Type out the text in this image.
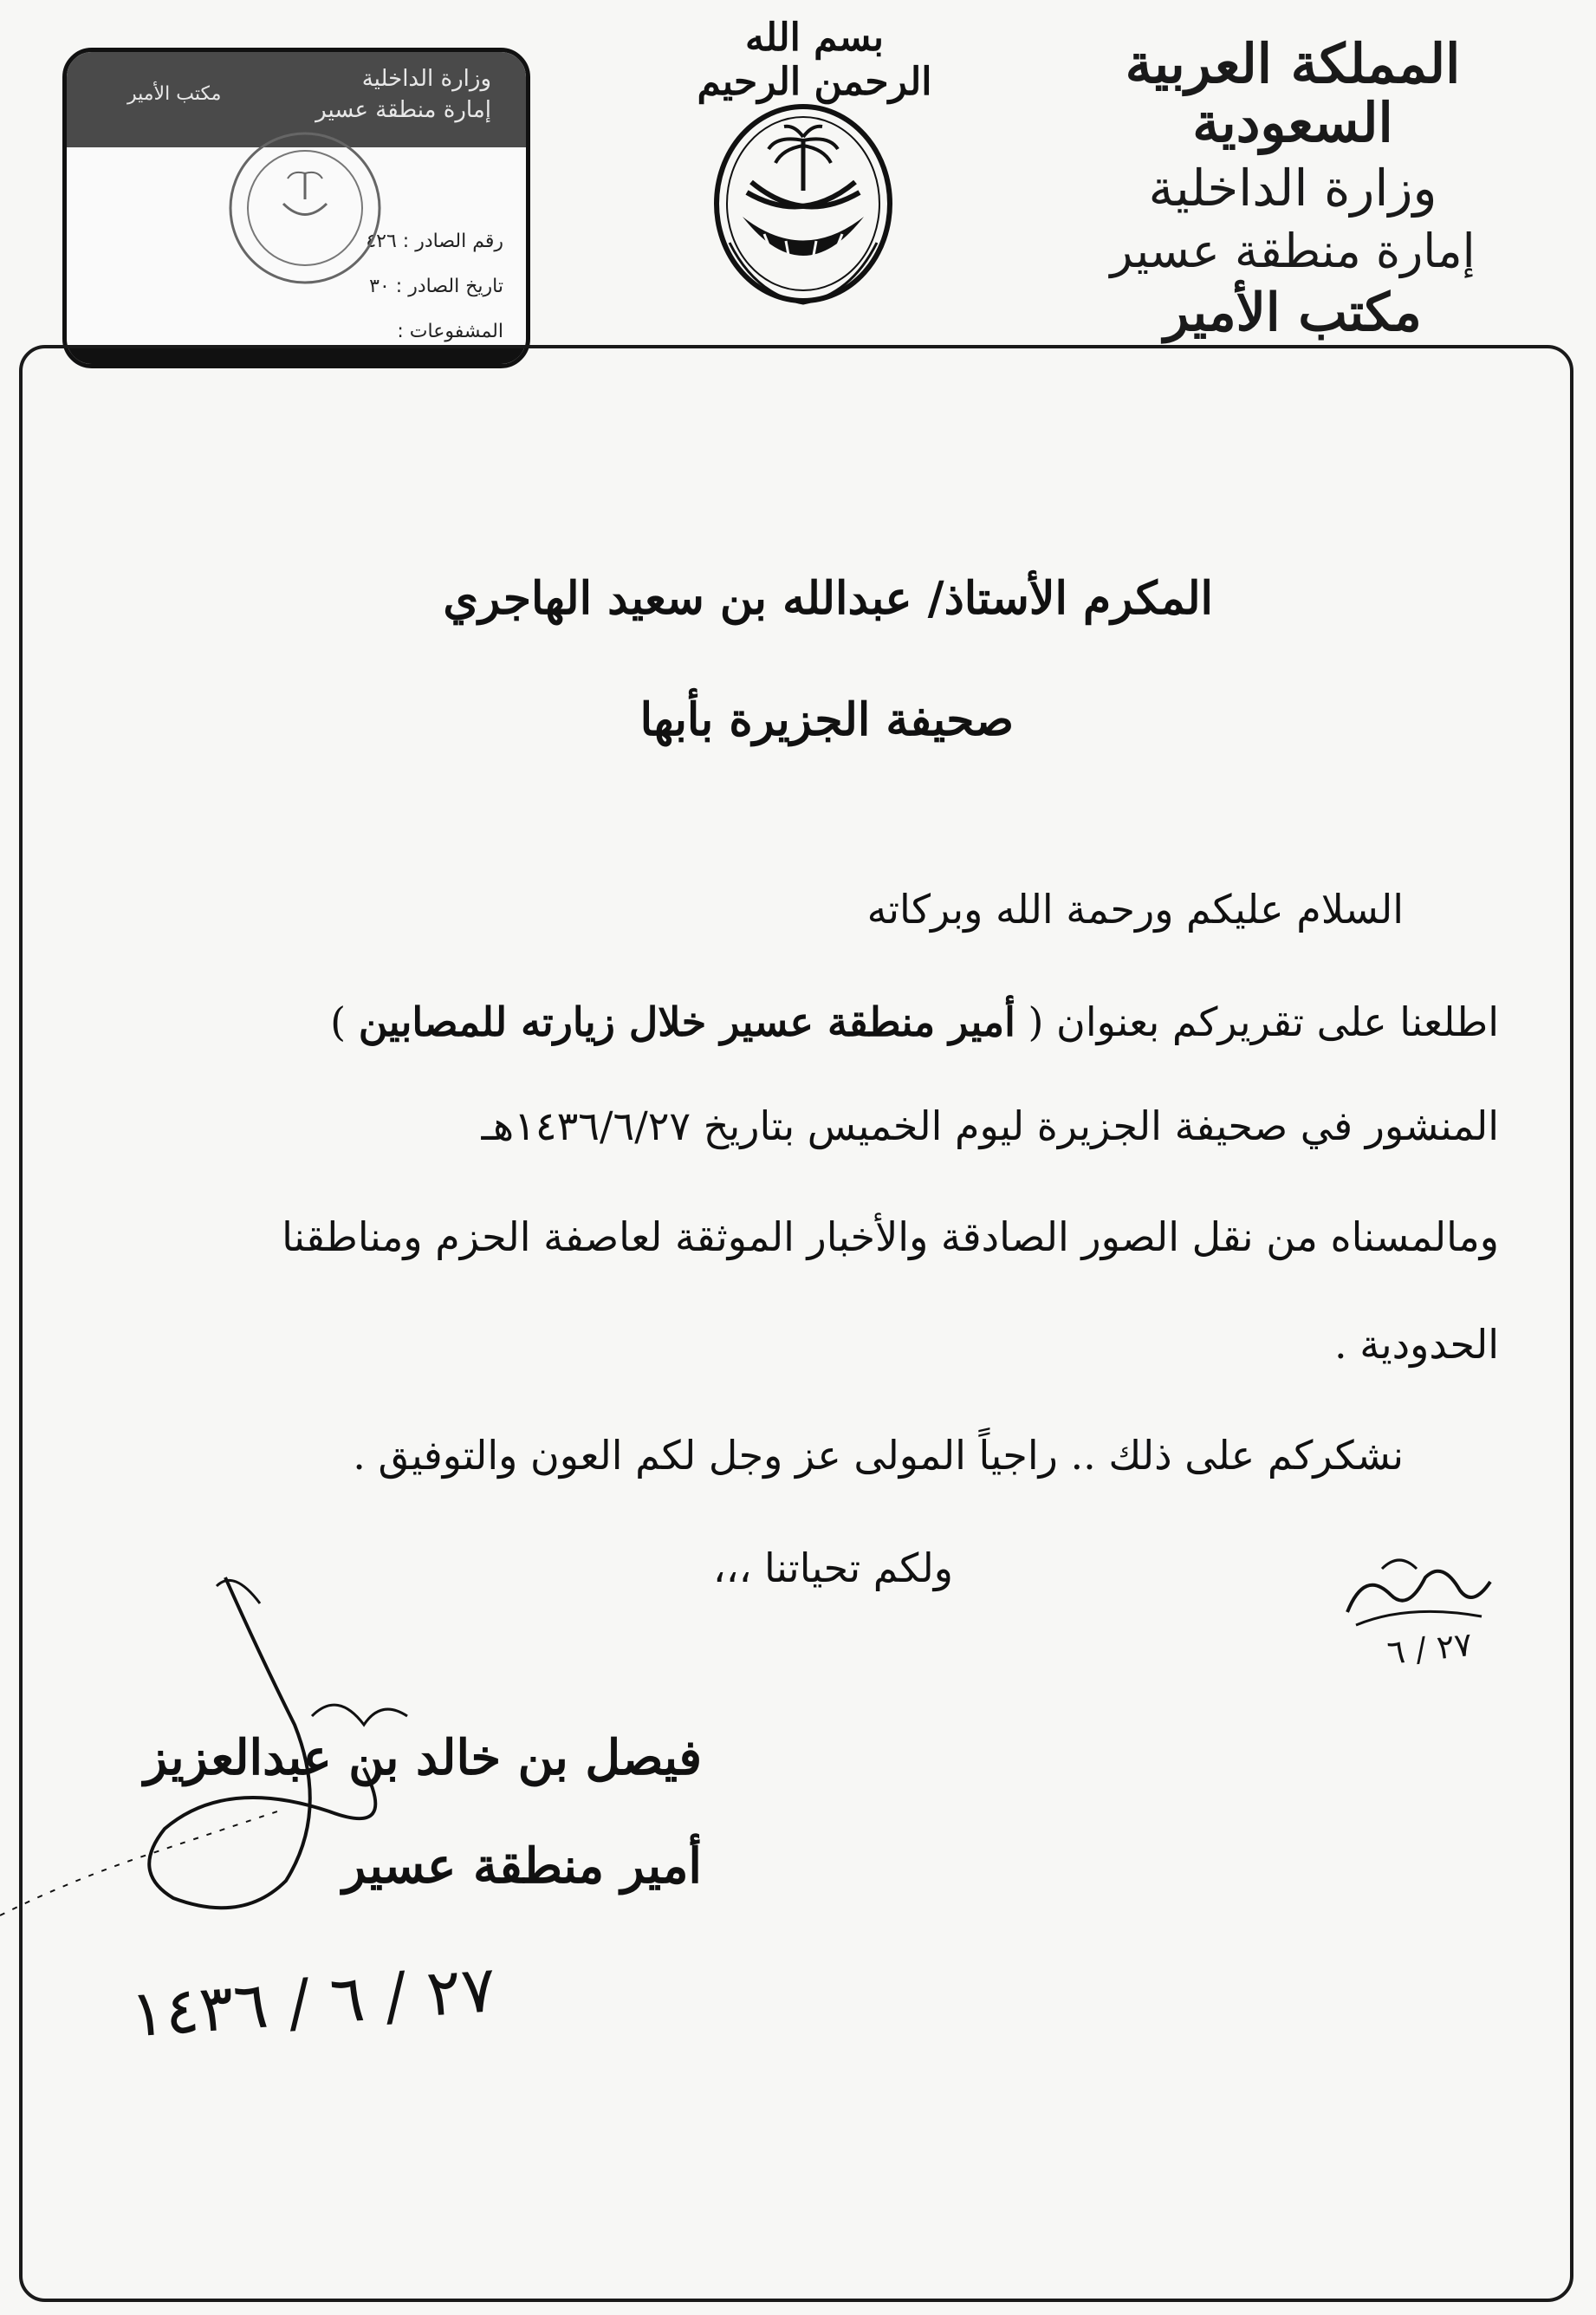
المملكة العربية السعودية
وزارة الداخلية
إمارة منطقة عسير
مكتب الأمير
بسم الله الرحمن الرحيم
وزارة الداخلية
إمارة منطقة عسير
مكتب الأمير
رقم الصادر : ٤٢٦
تاريخ الصادر : ٣٠
المشفوعات :
المكرم الأستاذ/ عبدالله بن سعيد الهاجري
صحيفة الجزيرة بأبها
السلام عليكم ورحمة الله وبركاته
اطلعنا على تقريركم بعنوان ( أمير منطقة عسير خلال زيارته للمصابين )
المنشور في صحيفة الجزيرة ليوم الخميس بتاريخ ١٤٣٦/٦/٢٧هـ
ومالمسناه من نقل الصور الصادقة والأخبار الموثقة لعاصفة الحزم ومناطقنا
الحدودية .
نشكركم على ذلك .. راجياً المولى عز وجل لكم العون والتوفيق .
ولكم تحياتنا ،،،
٢٧ / ٦
فيصل بن خالد بن عبدالعزيز
أمير منطقة عسير
٢٧ / ٦ / ١٤٣٦
